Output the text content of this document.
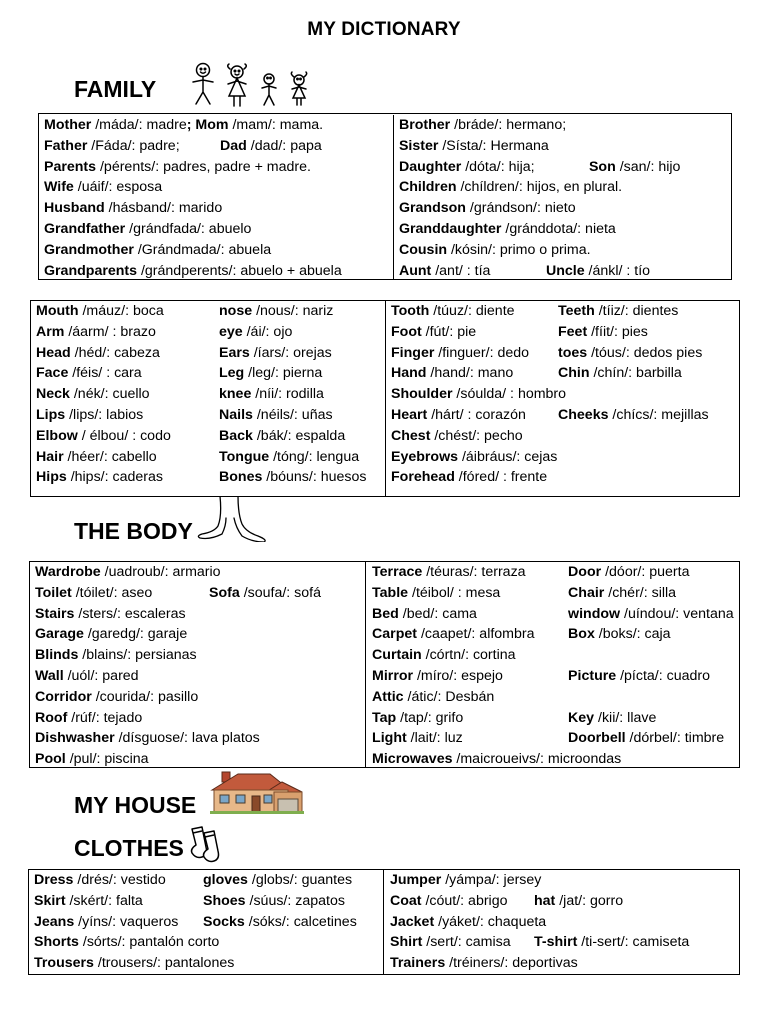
MY DICTIONARY
FAMILY
Mother /máda/: madre; Mom /mam/: mama.
Father /Fáda/: padre;	Dad /dad/: papa
Parents /pérents/: padres, padre + madre.
Wife /uáif/: esposa
Husband /hásband/: marido
Grandfather /grándfada/: abuelo
Grandmother /Grándmada/: abuela
Grandparents /grándperents/: abuelo + abuela
Brother /bráde/: hermano;
Sister /Sísta/: Hermana
Daughter /dóta/: hija;	Son /san/: hijo
Children /chíldren/: hijos, en plural.
Grandson /grándson/: nieto
Granddaughter /gránddota/: nieta
Cousin /kósin/: primo o prima.
Aunt /ant/ : tía	Uncle /ánkl/ : tío
Mouth /máuz/: boca	nose /nous/: nariz
Arm /áarm/ : brazo	eye /ái/: ojo
Head /héd/: cabeza	Ears /íars/: orejas
Face /féis/ : cara	Leg /leg/: pierna
Neck /nék/: cuello	knee /níi/: rodilla
Lips /lips/: labios	Nails /néils/: uñas
Elbow / élbou/ : codo	Back /bák/: espalda
Hair /héer/: cabello	Tongue /tóng/: lengua
Hips /hips/: caderas	Bones /bóuns/: huesos
Tooth /túuz/: diente	Teeth /tíiz/: dientes
Foot /fút/: pie	Feet /fíit/: pies
Finger /finguer/: dedo toes /tóus/: dedos pies
Hand /hand/: mano	Chin /chín/: barbilla
Shoulder /sóulda/ : hombro
Heart /hárt/ : corazón Cheeks /chícs/: mejillas
Chest /chést/: pecho
Eyebrows /áibráus/: cejas
Forehead /fóred/ : frente
THE BODY
Wardrobe /uadroub/: armario
Toilet /tóilet/: aseo	Sofa /soufa/: sofá
Stairs /sters/: escaleras
Garage /garedg/: garaje
Blinds /blains/: persianas
Wall /uól/: pared
Corridor /courida/: pasillo
Roof /rúf/: tejado
Dishwasher /dísguose/: lava platos
Pool /pul/: piscina
Terrace /téuras/: terraza	Door /dóor/: puerta
Table /téibol/ : mesa	Chair /chér/: silla
Bed /bed/: cama	window /uíndou/: ventana
Carpet /caapet/: alfombra Box /boks/: caja
Curtain /córtn/: cortina
Mirror /míro/: espejo	Picture /pícta/: cuadro
Attic /átic/: Desbán
Tap /tap/: grifo	Key /kii/: llave
Light /lait/: luz	Doorbell /dórbel/: timbre
Microwaves /maicroueivs/: microondas
MY HOUSE
CLOTHES
Dress /drés/: vestido	gloves /globs/: guantes
Skirt /skért/: falta	Shoes /súus/: zapatos
Jeans /yíns/: vaqueros Socks /sóks/: calcetines
Shorts /sórts/: pantalón corto
Trousers /trousers/: pantalones
Jumper /yámpa/: jersey
Coat /cóut/: abrigo hat /jat/: gorro
Jacket /yáket/: chaqueta
Shirt /sert/: camisa T-shirt /ti-sert/: camiseta
Trainers /tréiners/: deportivas
